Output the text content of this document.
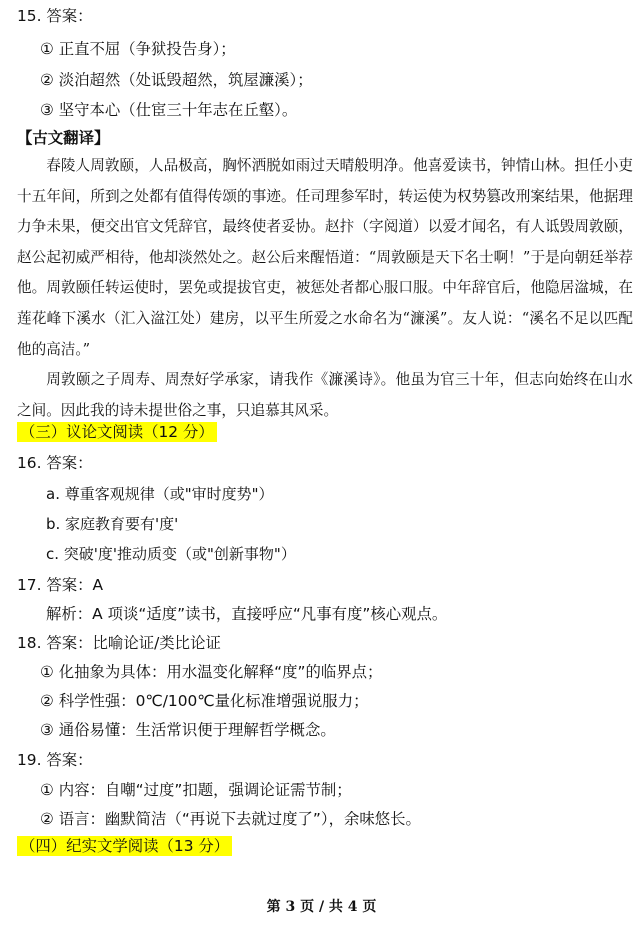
15. 答案：
① 正直不屈（争狱投告身）；
② 淡泊超然（处诋毁超然，筑屋濂溪）；
③ 坚守本心（仕宦三十年志在丘壑）。
【古文翻译】

春陵人周敦颐，人品极高，胸怀洒脱如雨过天晴般明净。他喜爱读书，钟情山林。担任小吏十五年间，所到之处都有值得传颂的事迹。任司理参军时，转运使为权势篡改刑案结果，他据理力争未果，便交出官文凭辞官，最终使者妥协。赵抃（字阅道）以爱才闻名，有人诋毁周敦颐，赵公起初威严相待，他却淡然处之。赵公后来醒悟道：“周敦颐是天下名士啊！”于是向朝廷举荐他。周敦颐任转运使时，罢免或提拔官吏，被惩处者都心服口服。中年辞官后，他隐居湓城，在莲花峰下溪水（汇入湓江处）建房，以平生所爱之水命名为“濂溪”。友人说：“溪名不足以匹配他的高洁。”

周敦颐之子周寿、周焘好学承家，请我作《濂溪诗》。他虽为官三十年，但志向始终在山水之间。因此我的诗未提世俗之事，只追慕其风采。

（三）议论文阅读（12 分）
16. 答案：
a. 尊重客观规律（或"审时度势"）
b. 家庭教育要有'度'
c. 突破'度'推动质变（或"创新事物"）
17. 答案：A
解析：A 项谈“适度”读书，直接呼应“凡事有度”核心观点。
18. 答案：比喻论证/类比论证
① 化抽象为具体：用水温变化解释“度”的临界点；
② 科学性强：0℃/100℃量化标准增强说服力；
③ 通俗易懂：生活常识便于理解哲学概念。
19. 答案：
① 内容：自嘲“过度”扣题，强调论证需节制；
② 语言：幽默简洁（“再说下去就过度了”），余味悠长。
（四）纪实文学阅读（13 分）
第 3 页 / 共 4 页
